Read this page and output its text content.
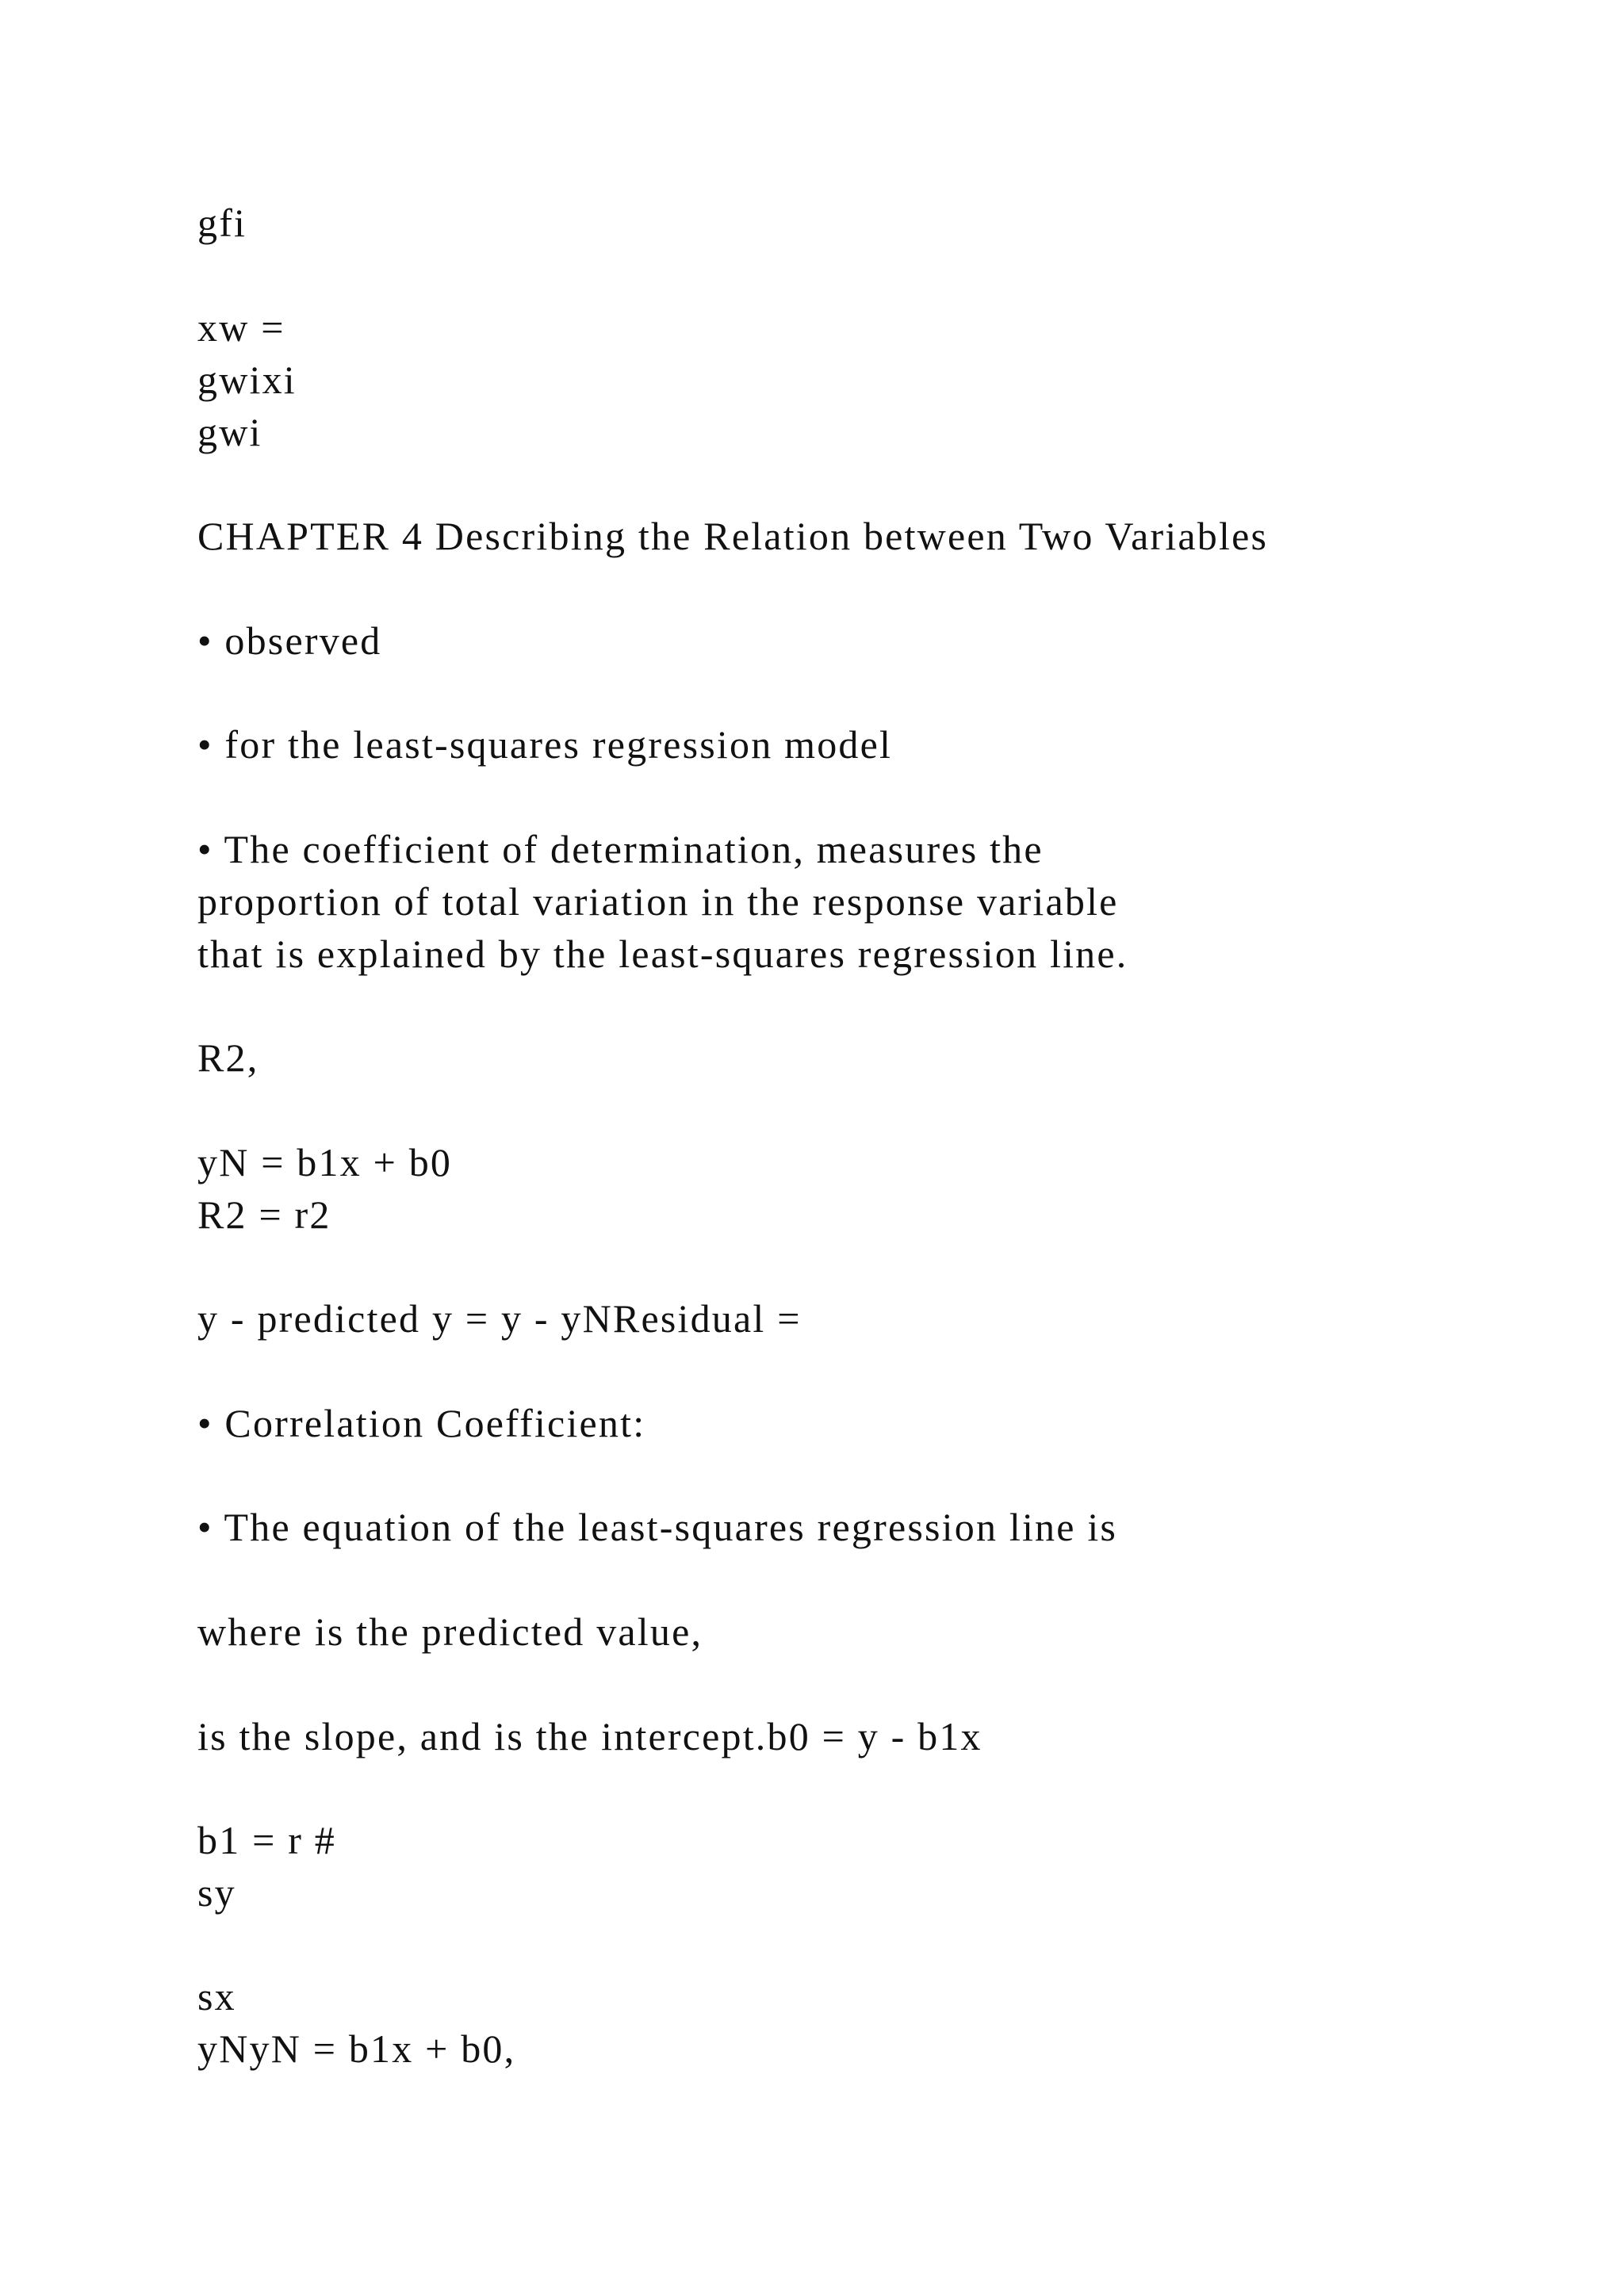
gfi

xw =

gwixi

gwi

CHAPTER 4 Describing the Relation between Two Variables

• observed

• for the least-squares regression model

• The coefficient of determination, measures the

proportion of total variation in the response variable

that is explained by the least-squares regression line.

R2,

yN = b1x + b0

R2 = r2

y - predicted y = y - yNResidual =

• Correlation Coefficient:

• The equation of the least-squares regression line is

where is the predicted value,

is the slope, and is the intercept.b0 = y - b1x

b1 = r #

sy

sx

yNyN = b1x + b0,
